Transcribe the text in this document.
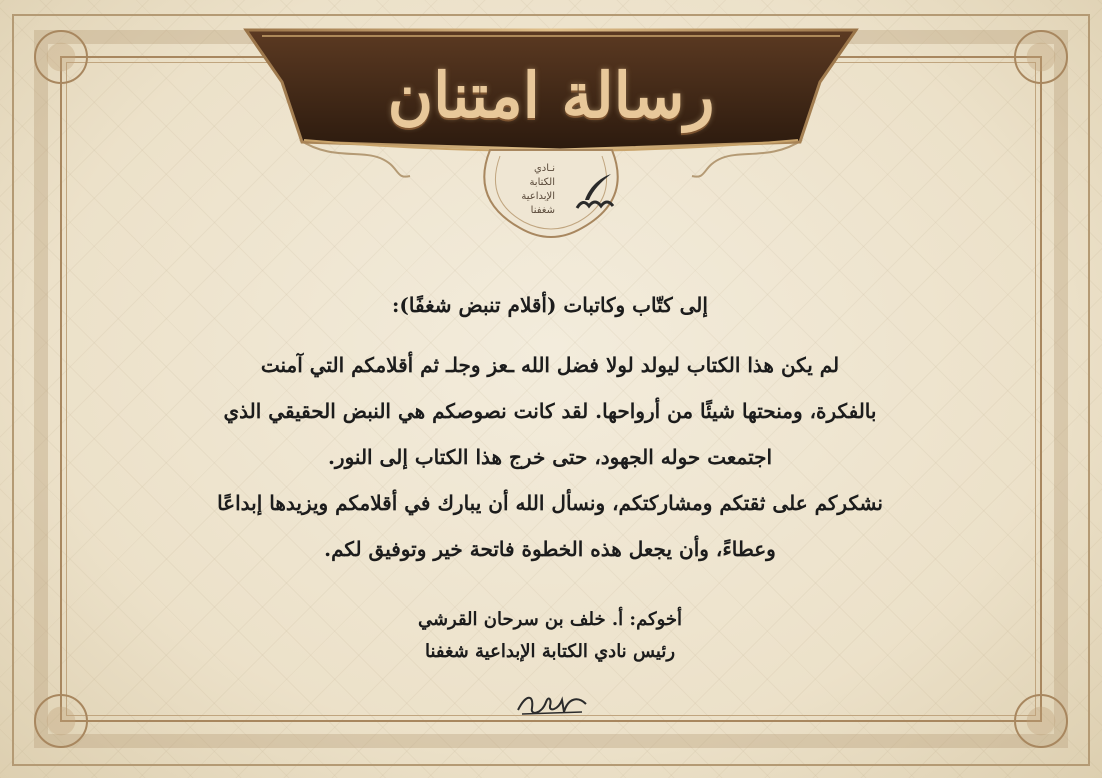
رسالة امتنان
نـادي
الكتابة
الإبداعية
شغفنا

إلى كتّاب وكاتبات (أقلام تنبض شغفًا):

لم يكن هذا الكتاب ليولد لولا فضل الله ـعز وجلـ ثم أقلامكم التي آمنت

بالفكرة، ومنحتها شيئًا من أرواحها. لقد كانت نصوصكم هي النبض الحقيقي الذي

اجتمعت حوله الجهود، حتى خرج هذا الكتاب إلى النور.

نشكركم على ثقتكم ومشاركتكم، ونسأل الله أن يبارك في أقلامكم ويزيدها إبداعًا

وعطاءً، وأن يجعل هذه الخطوة فاتحة خير وتوفيق لكم.

أخوكم: أ. خلف بن سرحان القرشي
رئيس نادي الكتابة الإبداعية شغفنا
